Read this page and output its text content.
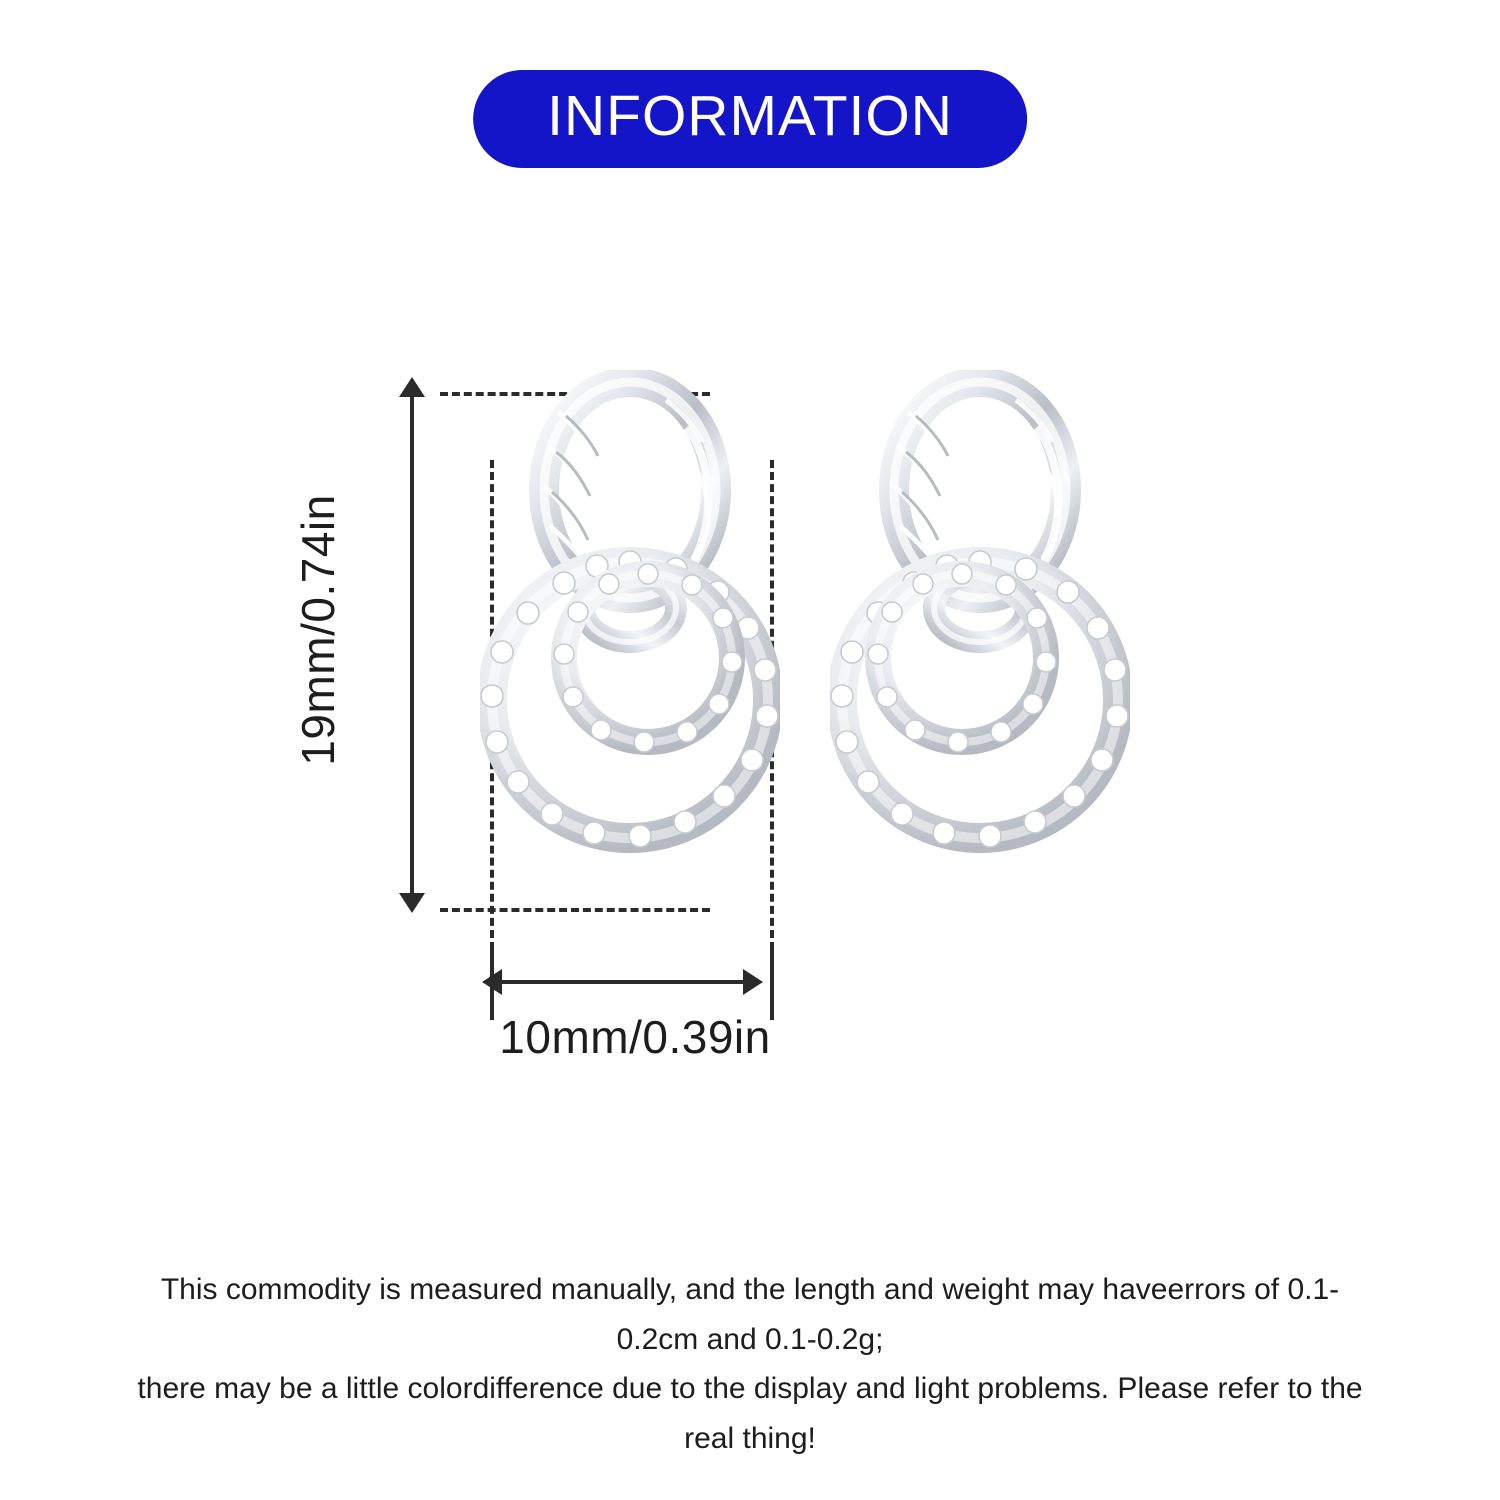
INFORMATION
19mm/0.74in
10mm/0.39in
This commodity is measured manually, and the length and weight may haveerrors of 0.1-0.2cm and 0.1-0.2g;
there may be a little colordifference due to the display and light problems. Please refer to the real thing!
